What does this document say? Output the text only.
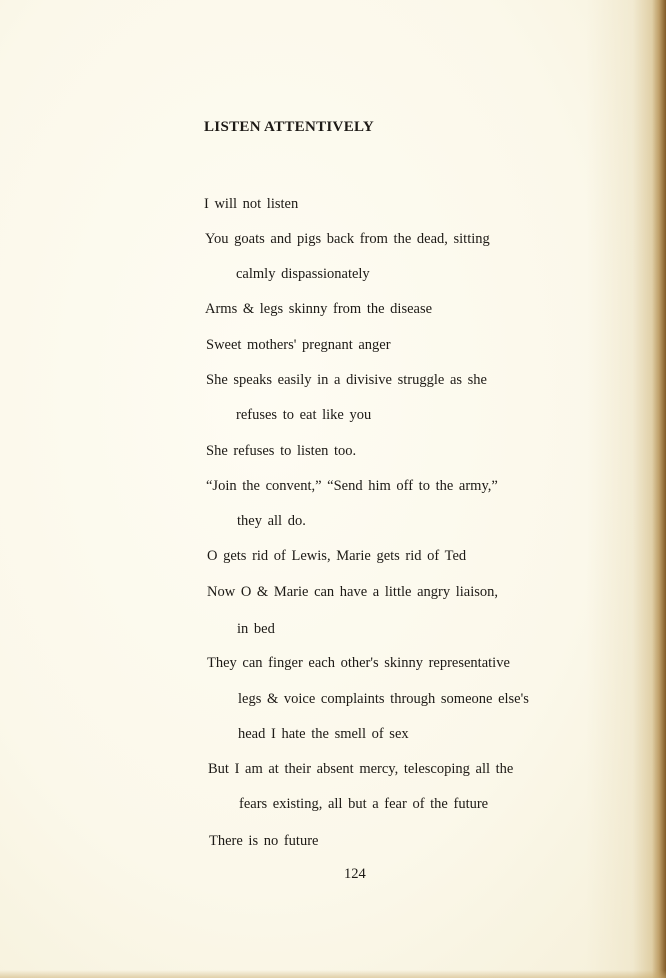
LISTEN ATTENTIVELY
I will not listen
You goats and pigs back from the dead, sitting
calmly dispassionately
Arms & legs skinny from the disease
Sweet mothers' pregnant anger
She speaks easily in a divisive struggle as she
refuses to eat like you
She refuses to listen too.
“Join the convent,” “Send him off to the army,”
they all do.
O gets rid of Lewis, Marie gets rid of Ted
Now O & Marie can have a little angry liaison,
in bed
They can finger each other's skinny representative
legs & voice complaints through someone else's
head I hate the smell of sex
But I am at their absent mercy, telescoping all the
fears existing, all but a fear of the future
There is no future
124
